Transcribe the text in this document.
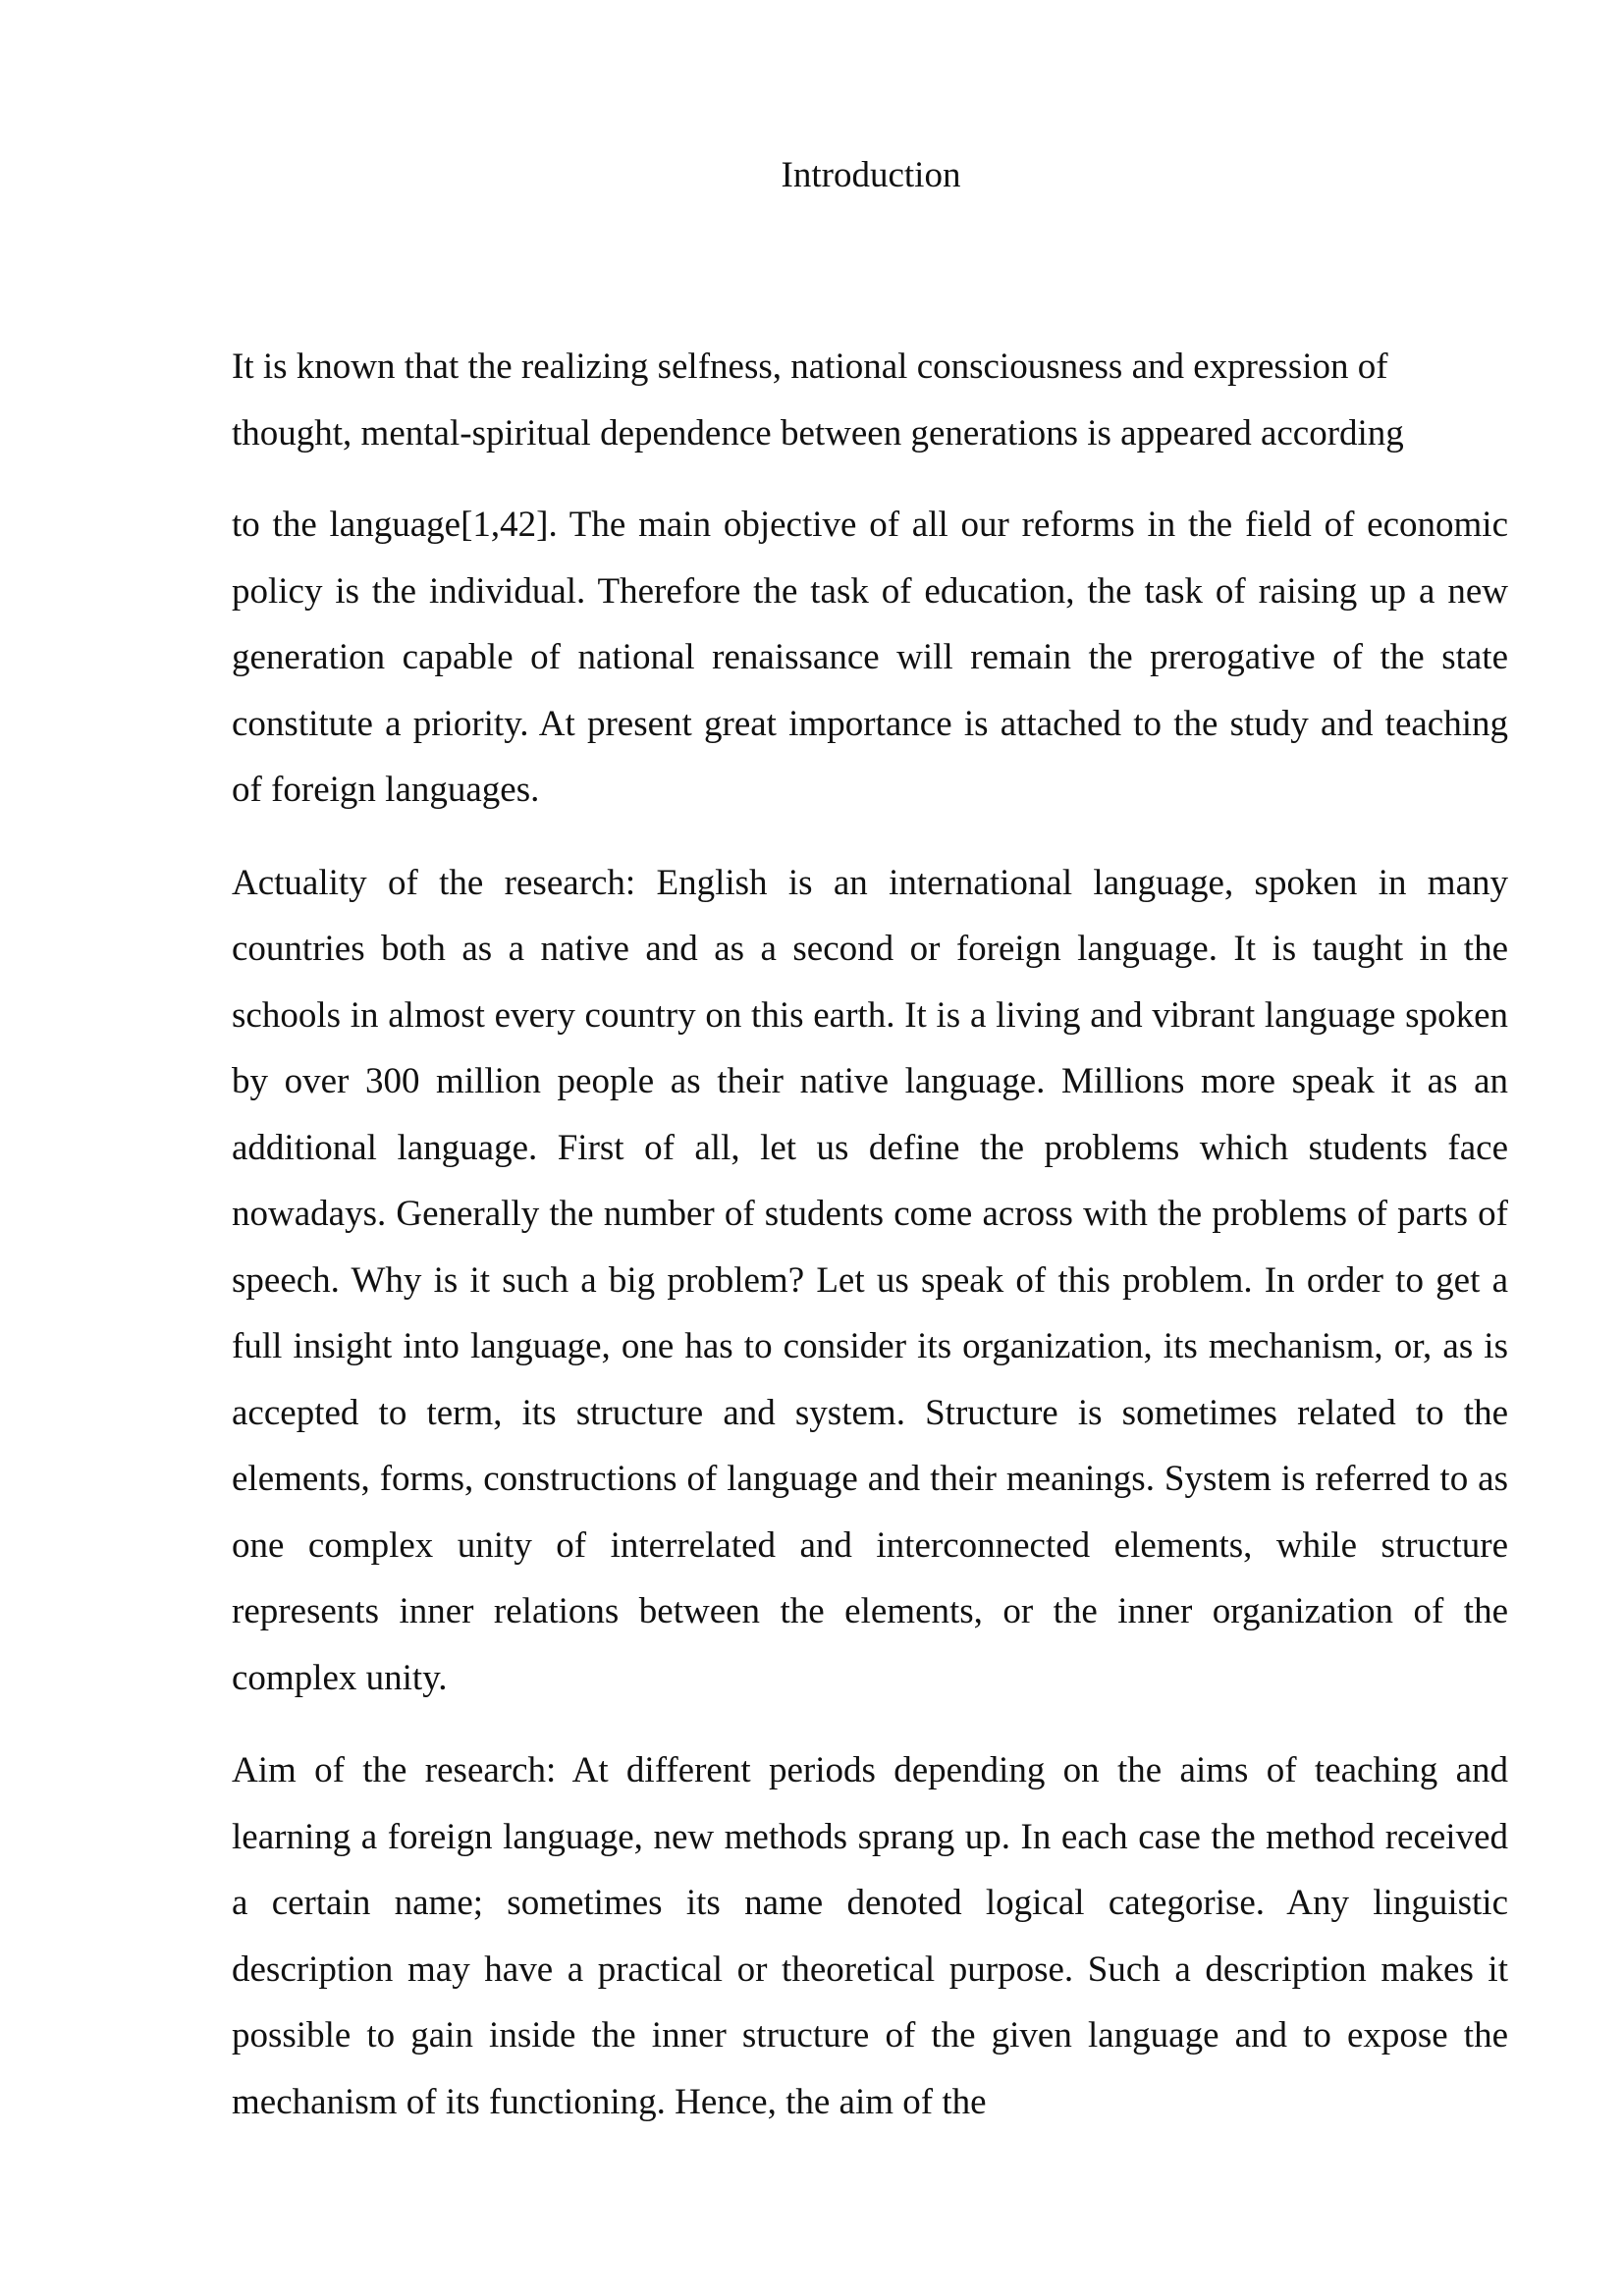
Introduction

It is known that the realizing selfness, national consciousness and expression of thought, mental-spiritual dependence between generations is appeared according

to the language[1,42]. The main objective of all our reforms in the field of economic policy is the individual. Therefore the task of education, the task of raising up a new generation capable of national renaissance will remain the prerogative of the state constitute a priority. At present great importance is attached to the study and teaching of foreign languages.

Actuality of the research: English is an international language, spoken in many countries both as a native and as a second or foreign language. It is taught in the schools in almost every country on this earth. It is a living and vibrant language spoken by over 300 million people as their native language. Millions more speak it as an additional language. First of all, let us define the problems which students face nowadays. Generally the number of students come across with the problems of parts of speech. Why is it such a big problem? Let us speak of this problem. In order to get a full insight into language, one has to consider its organization, its mechanism, or, as is accepted to term, its structure and system. Structure is sometimes related to the elements, forms, constructions of language and their meanings. System is referred to as one complex unity of interrelated and interconnected elements, while structure represents inner relations between the elements, or the inner organization of the complex unity.

Aim of the research: At different periods depending on the aims of teaching and learning a foreign language, new methods sprang up. In each case the method received a certain name; sometimes its name denoted logical categorise. Any linguistic description may have a practical or theoretical purpose. Such a description makes it possible to gain inside the inner structure of the given language and to expose the mechanism of its functioning. Hence, the aim of the
